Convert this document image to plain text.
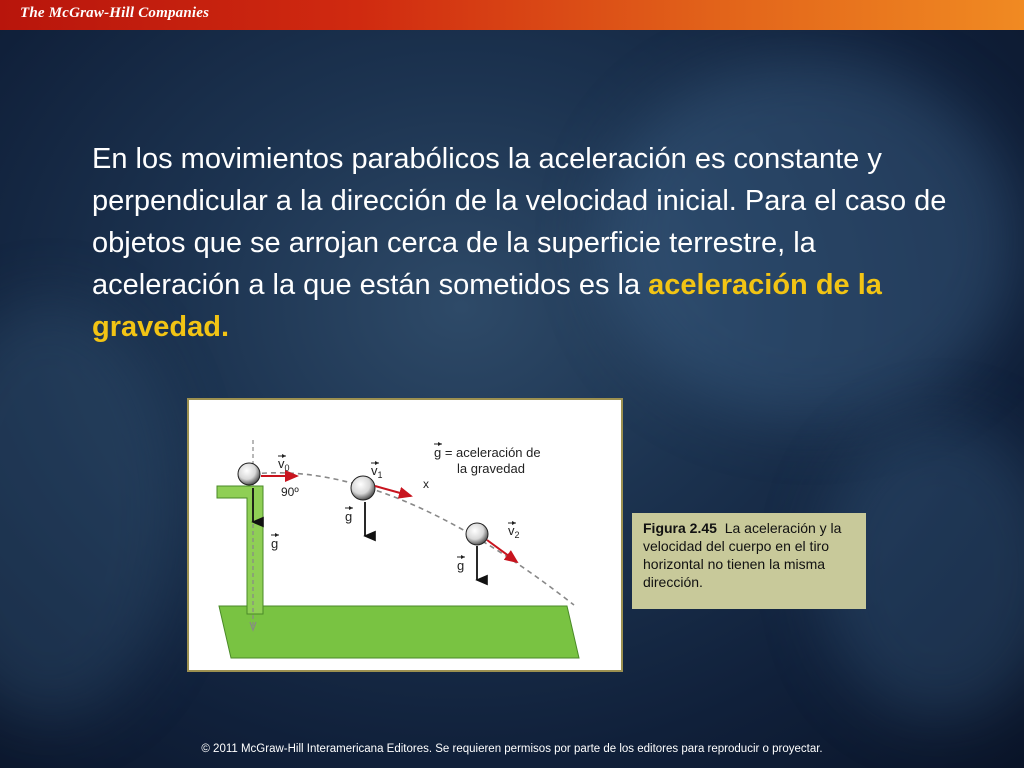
The McGraw-Hill Companies
En los movimientos parabólicos la aceleración es constante y perpendicular a la dirección de la velocidad inicial. Para el caso de objetos que se arrojan cerca de la superficie terrestre, la aceleración a la que están sometidos es la aceleración de la gravedad.
$v_0$
90º
$v_1$
x
$v_2$
g
g
g
g = aceleración de
la gravedad
Figura 2.45 La aceleración y la velocidad del cuerpo en el tiro horizontal no tienen la misma dirección.
© 2011 McGraw-Hill Interamericana Editores. Se requieren permisos por parte de los editores para reproducir o proyectar.
